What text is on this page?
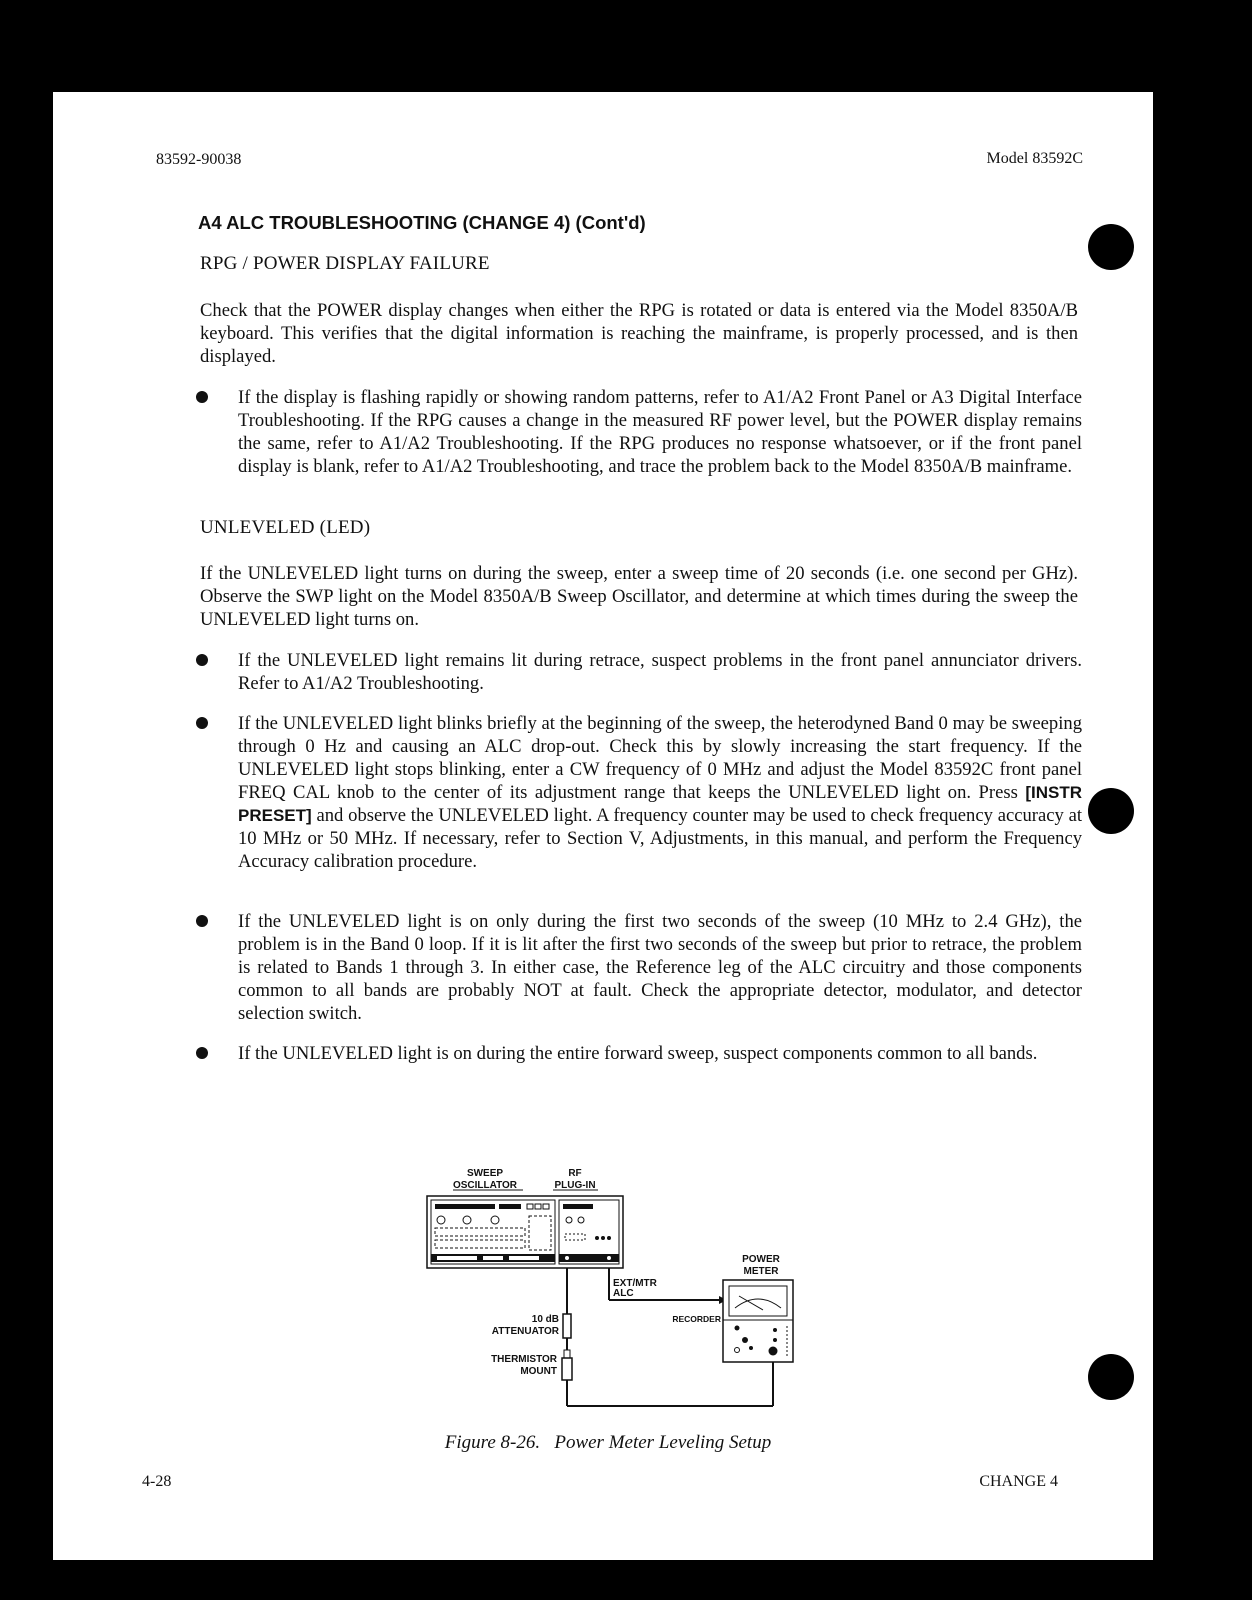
83592-90038	Model 83592C
A4 ALC TROUBLESHOOTING (CHANGE 4) (Cont'd)
RPG / POWER DISPLAY FAILURE
Check that the POWER display changes when either the RPG is rotated or data is entered via the Model 8350A/B keyboard. This verifies that the digital information is reaching the mainframe, is properly processed, and is then displayed.
If the display is flashing rapidly or showing random patterns, refer to A1/A2 Front Panel or A3 Digital Interface Troubleshooting. If the RPG causes a change in the measured RF power level, but the POWER display remains the same, refer to A1/A2 Troubleshooting. If the RPG produces no response whatsoever, or if the front panel display is blank, refer to A1/A2 Troubleshooting, and trace the problem back to the Model 8350A/B mainframe.
UNLEVELED (LED)
If the UNLEVELED light turns on during the sweep, enter a sweep time of 20 seconds (i.e. one second per GHz). Observe the SWP light on the Model 8350A/B Sweep Oscillator, and determine at which times during the sweep the UNLEVELED light turns on.
If the UNLEVELED light remains lit during retrace, suspect problems in the front panel annunciator drivers. Refer to A1/A2 Troubleshooting.
If the UNLEVELED light blinks briefly at the beginning of the sweep, the heterodyned Band 0 may be sweeping through 0 Hz and causing an ALC drop-out. Check this by slowly increasing the start frequency. If the UNLEVELED light stops blinking, enter a CW frequency of 0 MHz and adjust the Model 83592C front panel FREQ CAL knob to the center of its adjustment range that keeps the UNLEVELED light on. Press [INSTR PRESET] and observe the UNLEVELED light. A frequency counter may be used to check frequency accuracy at 10 MHz or 50 MHz. If necessary, refer to Section V, Adjustments, in this manual, and perform the Frequency Accuracy calibration procedure.
If the UNLEVELED light is on only during the first two seconds of the sweep (10 MHz to 2.4 GHz), the problem is in the Band 0 loop. If it is lit after the first two seconds of the sweep but prior to retrace, the problem is related to Bands 1 through 3. In either case, the Reference leg of the ALC circuitry and those components common to all bands are probably NOT at fault. Check the appropriate detector, modulator, and detector selection switch.
If the UNLEVELED light is on during the entire forward sweep, suspect components common to all bands.
SWEEP
OSCILLATOR
RF
PLUG-IN
10 dB
ATTENUATOR
THERMISTOR
MOUNT
EXT/MTR
ALC
RECORDER
POWER
METER
Figure 8-26.   Power Meter Leveling Setup
4-28	CHANGE 4
